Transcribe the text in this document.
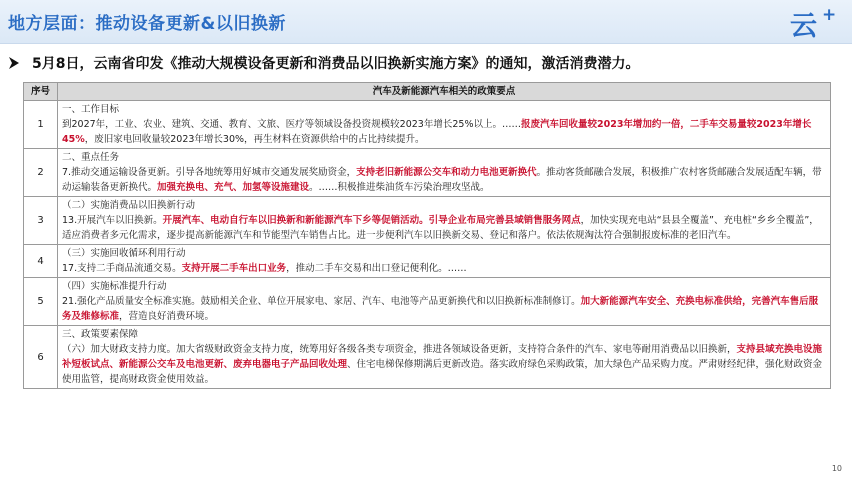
地方层面：推动设备更新&以旧换新	云 +
5月8日，云南省印发《推动大规模设备更新和消费品以旧换新实施方案》的通知，激活消费潜力。
序号	汽车及新能源汽车相关的政策要点
1	一、工作目标
到2027年，工业、农业、建筑、交通、教育、文旅、医疗等领域设备投资规模较2023年增长25%以上。……报废汽车回收量较2023年增加约一倍，二手车交易量较2023年增长45%，废旧家电回收量较2023年增长30%，再生材料在资源供给中的占比持续提升。

2	二、重点任务
7.推动交通运输设备更新。引导各地统筹用好城市交通发展奖励资金，支持老旧新能源公交车和动力电池更新换代。推动客货邮融合发展，积极推广农村客货邮融合发展适配车辆，带动运输装备更新换代。加强充换电、充气、加氢等设施建设。……积极推进柴油货车污染治理攻坚战。

3	（二）实施消费品以旧换新行动
13.开展汽车以旧换新。开展汽车、电动自行车以旧换新和新能源汽车下乡等促销活动。引导企业布局完善县域销售服务网点，加快实现充电站“县县全覆盖”、充电桩“乡乡全覆盖”，适应消费者多元化需求，逐步提高新能源汽车和节能型汽车销售占比。进一步便利汽车以旧换新交易、登记和落户。依法依规淘汰符合强制报废标准的老旧汽车。

4	（三）实施回收循环利用行动
17.支持二手商品流通交易。支持开展二手车出口业务，推动二手车交易和出口登记便利化。……

5	（四）实施标准提升行动
21.强化产品质量安全标准实施。鼓励相关企业、单位开展家电、家居、汽车、电池等产品更新换代和以旧换新标准制修订。加大新能源汽车安全、充换电标准供给，完善汽车售后服务及维修标准，营造良好消费环境。

6	三、政策要素保障
（六）加大财政支持力度。加大省级财政资金支持力度，统筹用好各级各类专项资金，推进各领域设备更新，支持符合条件的汽车、家电等耐用消费品以旧换新，支持县域充换电设施补短板试点、新能源公交车及电池更新、废弃电器电子产品回收处理、住宅电梯保修期满后更新改造。落实政府绿色采购政策，加大绿色产品采购力度。严肃财经纪律，强化财政资金使用监管，提高财政资金使用效益。
10
